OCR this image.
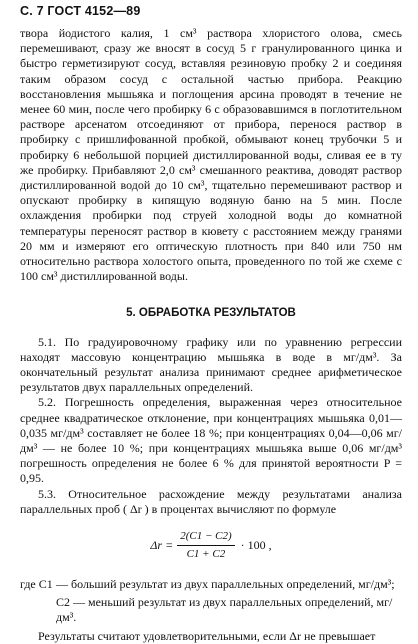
С. 7 ГОСТ 4152—89

твора йодистого калия, 1 см³ раствора хлористого олова, смесь перемешивают, сразу же вносят в сосуд 5 г гранулированного цинка и быстро герметизируют сосуд, вставляя резиновую пробку 2 и соединяя таким образом сосуд с остальной частью прибора. Реакцию восстановления мышьяка и поглощения арсина проводят в течение не менее 60 мин, после чего пробирку 6 с образовавшимся в поглотительном растворе арсенатом отсоединяют от прибора, перенося раствор в пробирку с пришлифованной пробкой, обмывают конец трубочки 5 и пробирку 6 небольшой порцией дистиллированной воды, сливая ее в ту же пробирку. Прибавляют 2,0 см³ смешанного реактива, доводят раствор дистиллированной водой до 10 см³, тщательно перемешивают раствор и опускают пробирку в кипящую водяную баню на 5 мин. После охлаждения пробирки под струей холодной воды до комнатной температуры переносят раствор в кювету с расстоянием между гранями 20 мм и измеряют его оптическую плотность при 840 или 750 нм относительно раствора холостого опыта, проведенного по той же схеме с 100 см³ дистиллированной воды.

5. ОБРАБОТКА РЕЗУЛЬТАТОВ

5.1. По градуировочному графику или по уравнению регрессии находят массовую концентрацию мышьяка в воде в мг/дм³. За окончательный результат анализа принимают среднее арифметическое результатов двух параллельных определений.

5.2. Погрешность определения, выраженная через относительное среднее квадратическое отклонение, при концентрациях мышьяка 0,01—0,035 мг/дм³ составляет не более 18 %; при концентрациях 0,04—0,06 мг/дм³ — не более 10 %; при концентрациях мышьяка выше 0,06 мг/дм³ погрешность определения не более 6 % для принятой вероятности P = 0,95.

5.3. Относительное расхождение между результатами анализа параллельных проб ( Δr ) в процентах вычисляют по формуле

$\Delta r = \frac{2(C1 - C2)}{C1 + C2} \cdot 100$ ,
где C1 — больший результат из двух параллельных определений, мг/дм³;
C2 — меньший результат из двух параллельных определений, мг/дм³.

Результаты считают удовлетворительными, если Δr не превышает
